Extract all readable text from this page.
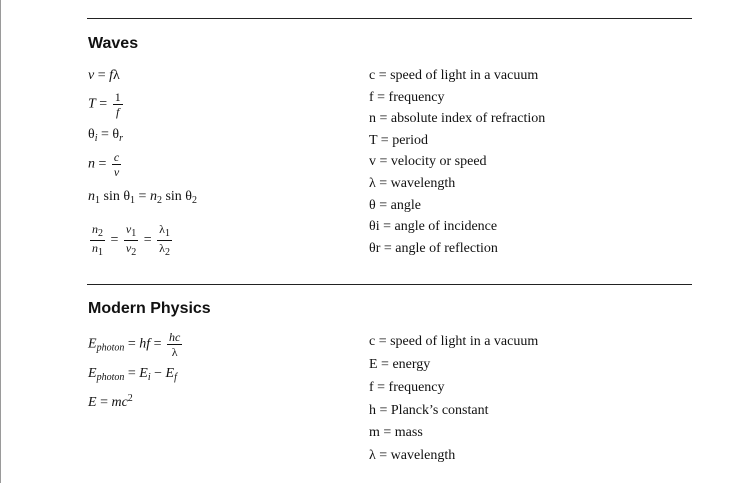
Waves
v = fλ
$T = \frac{1}{f}$
$\theta_i = \theta_r$
$n = \frac{c}{v}$
$n_1$ $\sin \theta_1 = n_2$ $\sin \theta_2$
$\frac{n_2}{n_1} = \frac{v_1}{v_2} = \frac{\lambda_1}{\lambda_2}$
c = speed of light in a vacuum
f = frequency
n = absolute index of refraction
T = period
v = velocity or speed
λ = wavelength
θ = angle
θi = angle of incidence
θr = angle of reflection
Modern Physics
$E_{photon}$ = hf = $\frac{hc}{\lambda}$
$E_{photon} = E_i - E_f$
$E = mc^2$
c = speed of light in a vacuum
E = energy
f = frequency
h = Planck’s constant
m = mass
λ = wavelength
